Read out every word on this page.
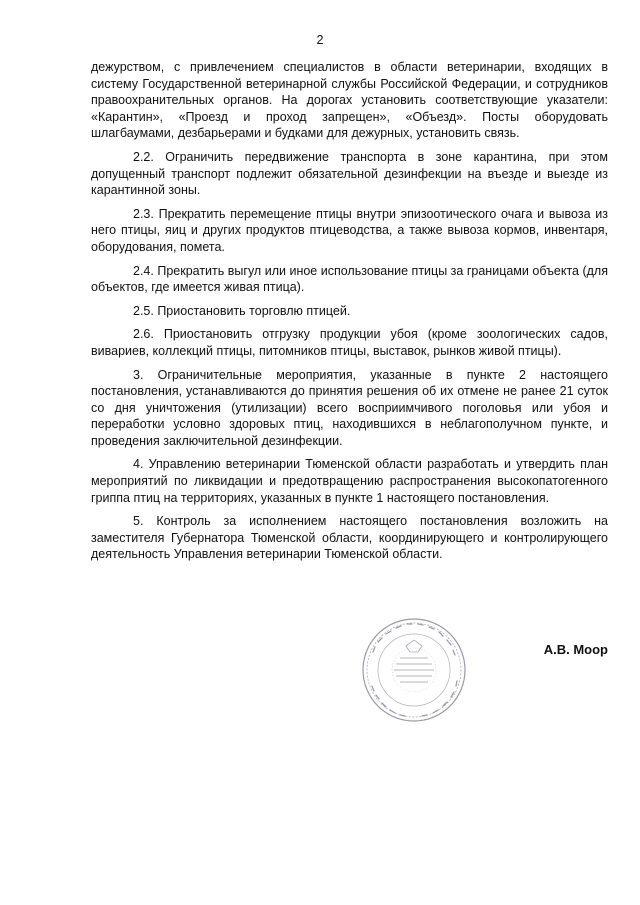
2

дежурством, с привлечением специалистов в области ветеринарии, входящих в систему Государственной ветеринарной службы Российской Федерации, и сотрудников правоохранительных органов. На дорогах установить соответствующие указатели: «Карантин», «Проезд и проход запрещен», «Объезд». Посты оборудовать шлагбаумами, дезбарьерами и будками для дежурных, установить связь.

2.2. Ограничить передвижение транспорта в зоне карантина, при этом допущенный транспорт подлежит обязательной дезинфекции на въезде и выезде из карантинной зоны.

2.3. Прекратить перемещение птицы внутри эпизоотического очага и вывоза из него птицы, яиц и других продуктов птицеводства, а также вывоза кормов, инвентаря, оборудования, помета.

2.4. Прекратить выгул или иное использование птицы за границами объекта (для объектов, где имеется живая птица).

2.5. Приостановить торговлю птицей.

2.6. Приостановить отгрузку продукции убоя (кроме зоологических садов, вивариев, коллекций птицы, питомников птицы, выставок, рынков живой птицы).

3. Ограничительные мероприятия, указанные в пункте 2 настоящего постановления, устанавливаются до принятия решения об их отмене не ранее 21 суток со дня уничтожения (утилизации) всего восприимчивого поголовья или убоя и переработки условно здоровых птиц, находившихся в неблагополучном пункте, и проведения заключительной дезинфекции.

4. Управлению ветеринарии Тюменской области разработать и утвердить план мероприятий по ликвидации и предотвращению распространения высокопатогенного гриппа птиц на территориях, указанных в пункте 1 настоящего постановления.

5. Контроль за исполнением настоящего постановления возложить на заместителя Губернатора Тюменской области, координирующего и контролирующего деятельность Управления ветеринарии Тюменской области.

А.В. Моор
